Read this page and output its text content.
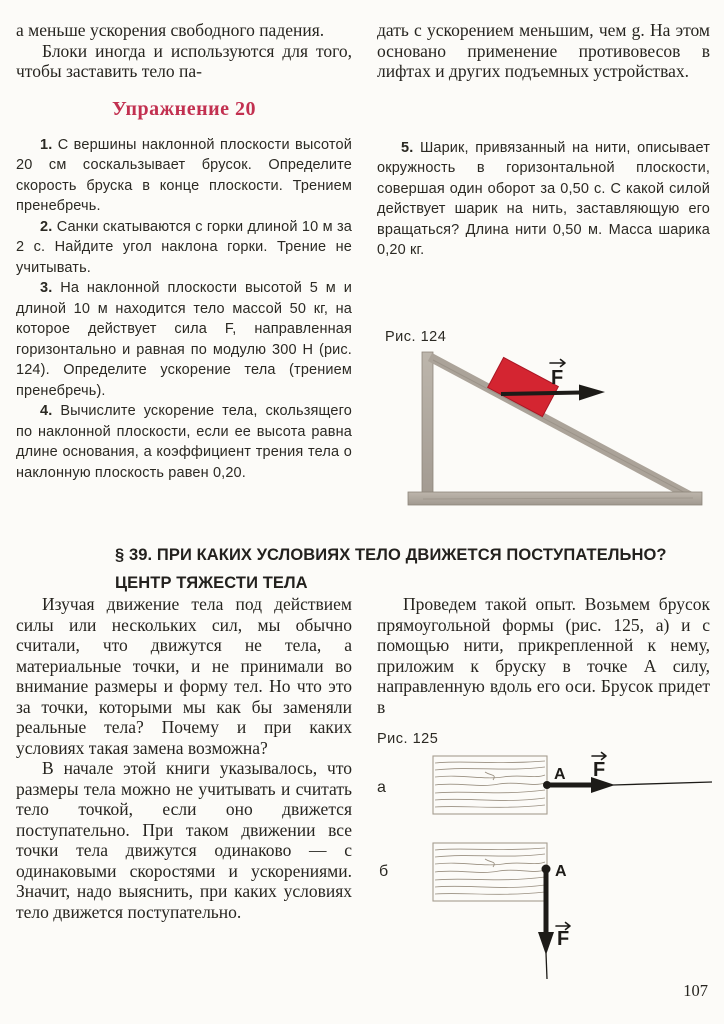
а меньше ускорения свободного падения.

Блоки иногда и используются для того, чтобы заставить тело па-

Упражнение 20

1. С вершины наклонной плоскости высотой 20 см соскальзывает брусок. Определите скорость бруска в конце плоскости. Трением пренебречь.

2. Санки скатываются с горки длиной 10 м за 2 с. Найдите угол наклона горки. Трение не учитывать.

3. На наклонной плоскости высотой 5 м и длиной 10 м находится тело массой 50 кг, на которое действует сила F, направленная горизонтально и равная по модулю 300 Н (рис. 124). Определите ускорение тела (трением пренебречь).

4. Вычислите ускорение тела, скользящего по наклонной плоскости, если ее высота равна длине основания, а коэффициент трения тела о наклонную плоскость равен 0,20.

дать с ускорением меньшим, чем g. На этом основано применение противовесов в лифтах и других подъемных устройствах.

5. Шарик, привязанный на нити, описывает окружность в горизонтальной плоскости, совершая один оборот за 0,50 с. С какой силой действует шарик на нить, заставляющую его вращаться? Длина нити 0,50 м. Масса шарика 0,20 кг.

Рис. 124
F
§ 39. ПРИ КАКИХ УСЛОВИЯХ ТЕЛО ДВИЖЕТСЯ ПОСТУПАТЕЛЬНО?
ЦЕНТР ТЯЖЕСТИ ТЕЛА

Изучая движение тела под действием силы или нескольких сил, мы обычно считали, что движутся не тела, а материальные точки, и не принимали во внимание размеры и форму тел. Но что это за точки, которыми мы как бы заменяли реальные тела? Почему и при каких условиях такая замена возможна?

В начале этой книги указывалось, что размеры тела можно не учитывать и считать тело точкой, если оно движется поступательно. При таком движении все точки тела движутся одинаково — с одинаковыми скоростями и ускорениями. Значит, надо выяснить, при каких условиях тело движется поступательно.

Проведем такой опыт. Возьмем брусок прямоугольной формы (рис. 125, а) и с помощью нити, прикрепленной к нему, приложим к бруску в точке А силу, направленную вдоль его оси. Брусок придет в

Рис. 125
а
A F
б	A
F
107
